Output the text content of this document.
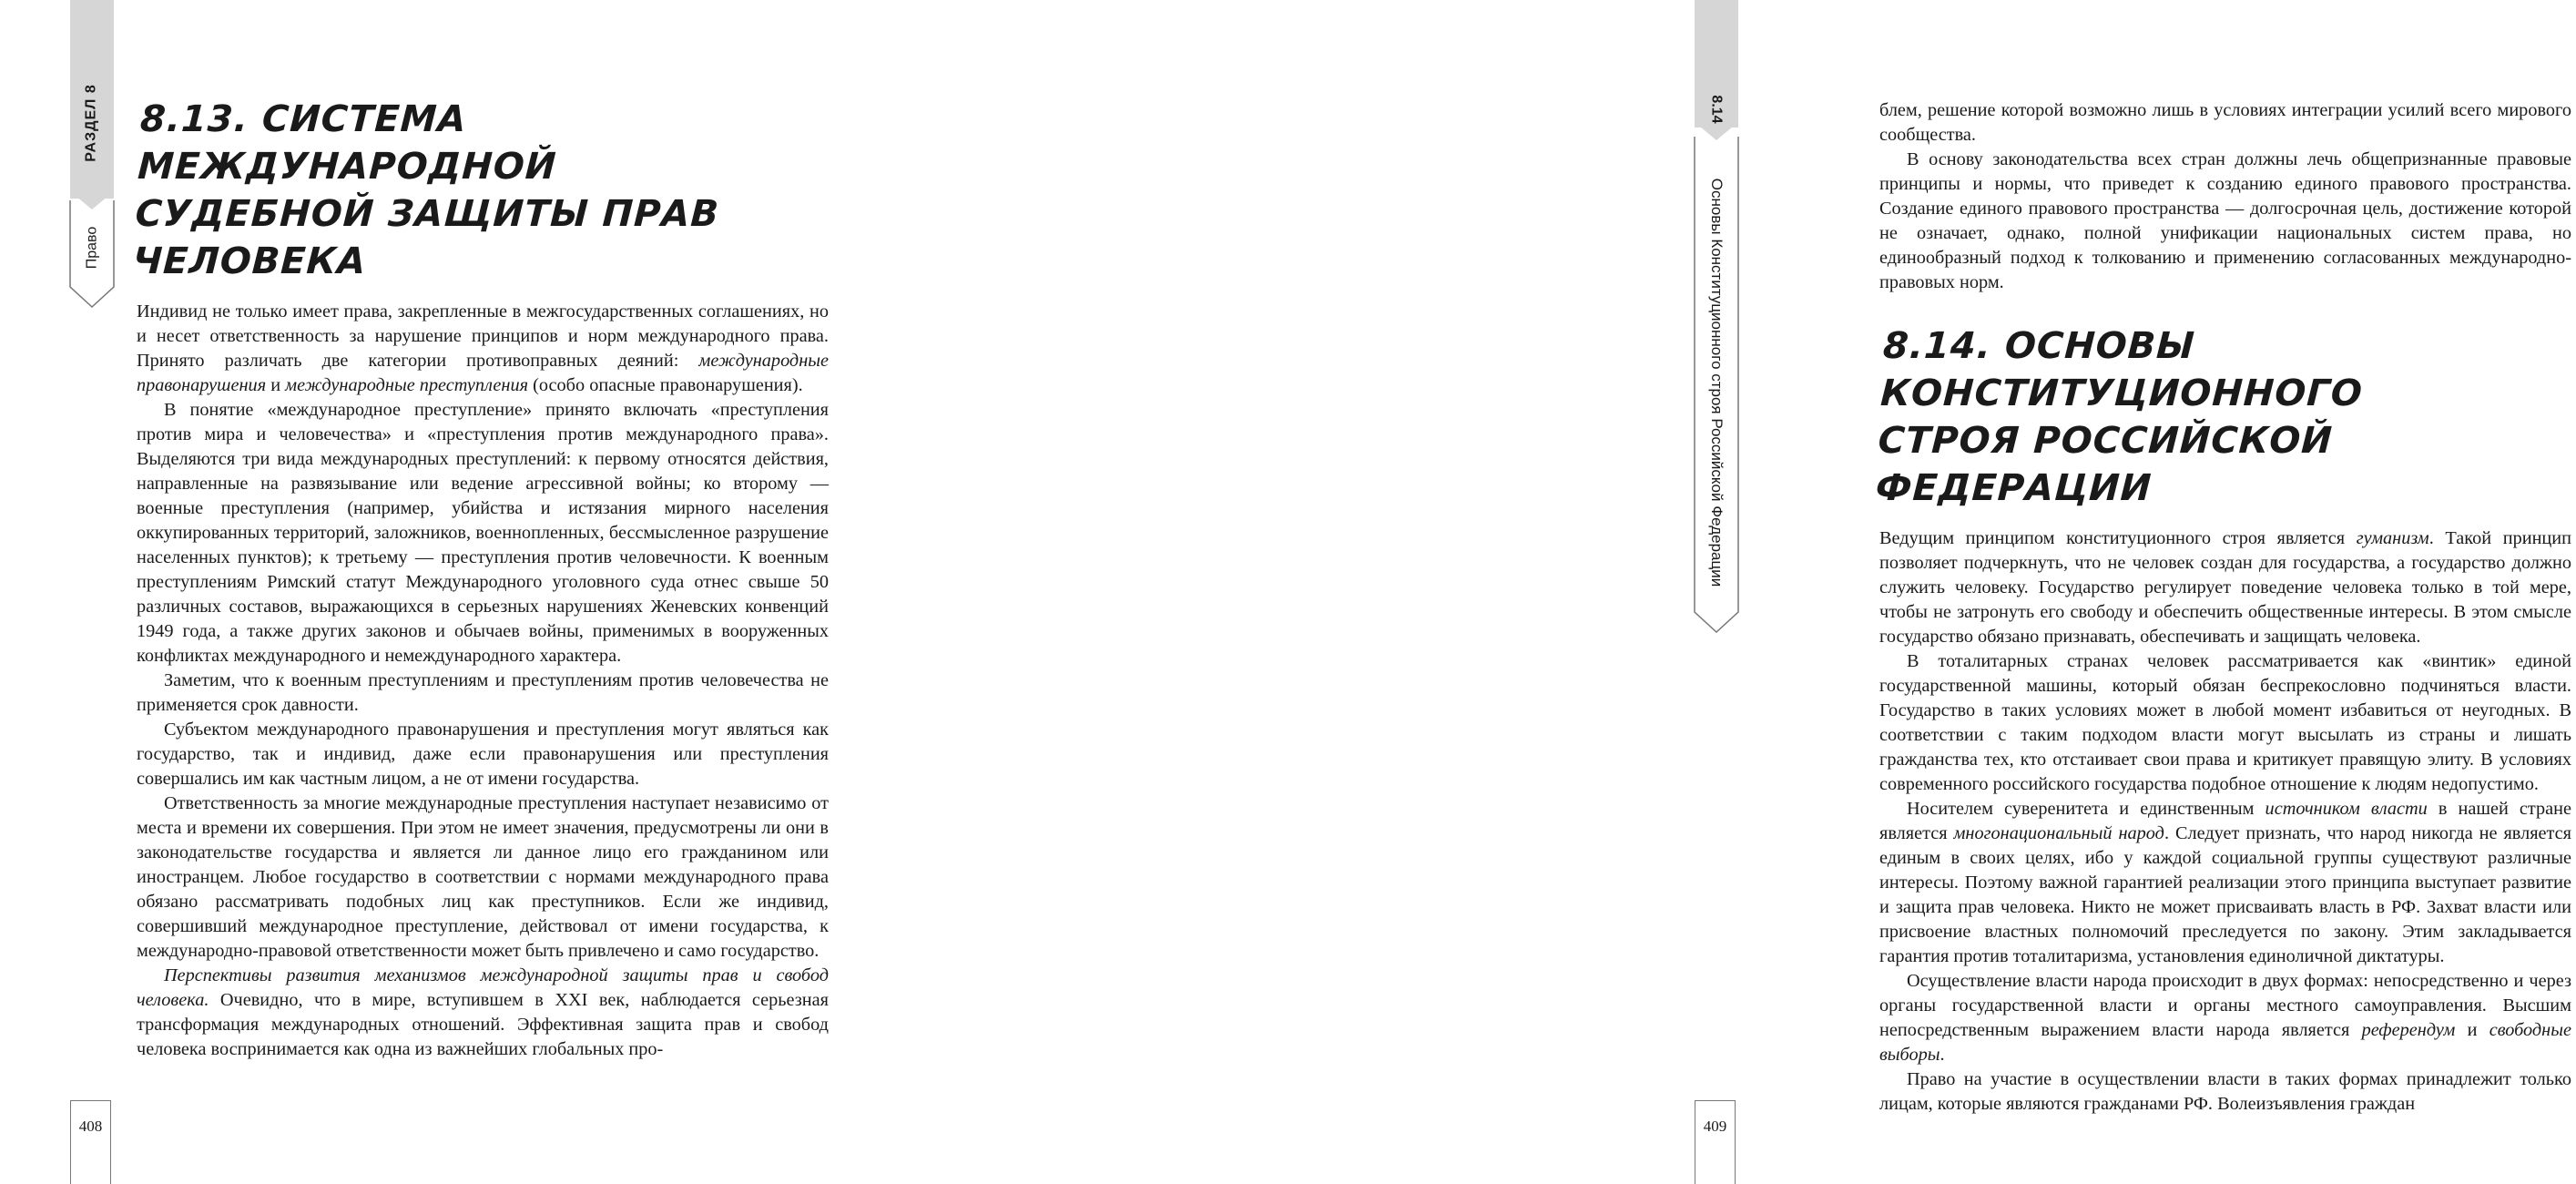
РАЗДЕЛ 8
Право
408
8.13. СИСТЕМА МЕЖДУНАРОДНОЙ
СУДЕБНОЙ ЗАЩИТЫ ПРАВ
ЧЕЛОВЕКА

Индивид не только имеет права, закрепленные в межгосударственных соглашениях, но и несет ответственность за нарушение принципов и норм международного права. Принято различать две категории противоправных деяний: международные правонарушения и международные преступления (особо опасные правонарушения).

В понятие «международное преступление» принято включать «преступления против мира и человечества» и «преступления против международного права». Выделяются три вида международных преступлений: к первому относятся действия, направленные на развязывание или ведение агрессивной войны; ко второму — военные преступления (например, убийства и истязания мирного населения оккупированных территорий, заложников, военнопленных, бессмысленное разрушение населенных пунктов); к третьему — преступления против человечности. К военным преступлениям Римский статут Международного уголовного суда отнес свыше 50 различных составов, выражающихся в серьезных нарушениях Женевских конвенций 1949 года, а также других законов и обычаев войны, применимых в вооруженных конфликтах международного и немеждународного характера.

Заметим, что к военным преступлениям и преступлениям против человечества не применяется срок давности.

Субъектом международного правонарушения и преступления могут являться как государство, так и индивид, даже если правонарушения или преступления совершались им как частным лицом, а не от имени государства.

Ответственность за многие международные преступления наступает независимо от места и времени их совершения. При этом не имеет значения, предусмотрены ли они в законодательстве государства и является ли данное лицо его гражданином или иностранцем. Любое государство в соответствии с нормами международного права обязано рассматривать подобных лиц как преступников. Если же индивид, совершивший международное преступление, действовал от имени государства, к международно-правовой ответственности может быть привлечено и само государство.

Перспективы развития механизмов международной защиты прав и свобод человека. Очевидно, что в мире, вступившем в XXI век, наблюдается серьезная трансформация международных отношений. Эффективная защита прав и свобод человека воспринимается как одна из важнейших глобальных про-

8.14
Основы Конституционного строя Российской Федерации
409

блем, решение которой возможно лишь в условиях интеграции усилий всего мирового сообщества.

В основу законодательства всех стран должны лечь общепризнанные правовые принципы и нормы, что приведет к созданию единого правового пространства. Создание единого правового пространства — долгосрочная цель, достижение которой не означает, однако, полной унификации национальных систем права, но единообразный подход к толкованию и применению согласованных международно-правовых норм.

8.14. ОСНОВЫ КОНСТИТУЦИОННОГО
СТРОЯ РОССИЙСКОЙ ФЕДЕРАЦИИ

Ведущим принципом конституционного строя является гуманизм. Такой принцип позволяет подчеркнуть, что не человек создан для государства, а государство должно служить человеку. Государство регулирует поведение человека только в той мере, чтобы не затронуть его свободу и обеспечить общественные интересы. В этом смысле государство обязано признавать, обеспечивать и защищать человека.

В тоталитарных странах человек рассматривается как «винтик» единой государственной машины, который обязан беспрекословно подчиняться власти. Государство в таких условиях может в любой момент избавиться от неугодных. В соответствии с таким подходом власти могут высылать из страны и лишать гражданства тех, кто отстаивает свои права и критикует правящую элиту. В условиях современного российского государства подобное отношение к людям недопустимо.

Носителем суверенитета и единственным источником власти в нашей стране является многонациональный народ. Следует признать, что народ никогда не является единым в своих целях, ибо у каждой социальной группы существуют различные интересы. Поэтому важной гарантией реализации этого принципа выступает развитие и защита прав человека. Никто не может присваивать власть в РФ. Захват власти или присвоение властных полномочий преследуется по закону. Этим закладывается гарантия против тоталитаризма, установления единоличной диктатуры.

Осуществление власти народа происходит в двух формах: непосредственно и через органы государственной власти и органы местного самоуправления. Высшим непосредственным выражением власти народа является референдум и свободные выборы.

Право на участие в осуществлении власти в таких формах принадлежит только лицам, которые являются гражданами РФ. Волеизъявления граждан
